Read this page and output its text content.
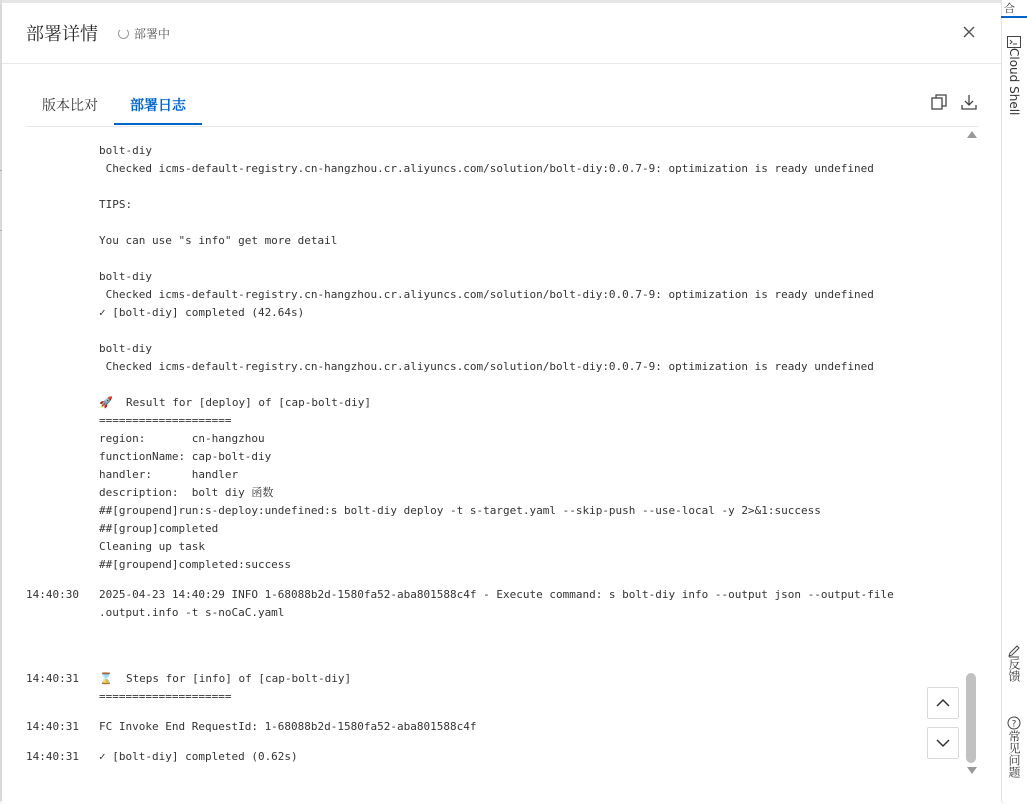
部署详情	部署中
版本比对 部署日志
bolt-diy
Checked icms-default-registry.cn-hangzhou.cr.aliyuncs.com/solution/bolt-diy:0.0.7-9: optimization is ready undefined
TIPS:
You can use "s info" get more detail
bolt-diy
Checked icms-default-registry.cn-hangzhou.cr.aliyuncs.com/solution/bolt-diy:0.0.7-9: optimization is ready undefined
✓ [bolt-diy] completed (42.64s)
bolt-diy
Checked icms-default-registry.cn-hangzhou.cr.aliyuncs.com/solution/bolt-diy:0.0.7-9: optimization is ready undefined
🚀  Result for [deploy] of [cap-bolt-diy]
====================
region:       cn-hangzhou
functionName: cap-bolt-diy
handler:      handler
description:  bolt diy 函数
##[groupend]run:s-deploy:undefined:s bolt-diy deploy -t s-target.yaml --skip-push --use-local -y 2>&1:success
##[group]completed
Cleaning up task
##[groupend]completed:success
14:40:30	2025-04-23 14:40:29 INFO 1-68088b2d-1580fa52-aba801588c4f - Execute command: s bolt-diy info --output json --output-file
.output.info -t s-noCaC.yaml
14:40:31	⌛  Steps for [info] of [cap-bolt-diy]
====================
14:40:31	FC Invoke End RequestId: 1-68088b2d-1580fa52-aba801588c4f
14:40:31	✓ [bolt-diy] completed (0.62s)
合
Cloud Shell
反馈
?
常见问题
